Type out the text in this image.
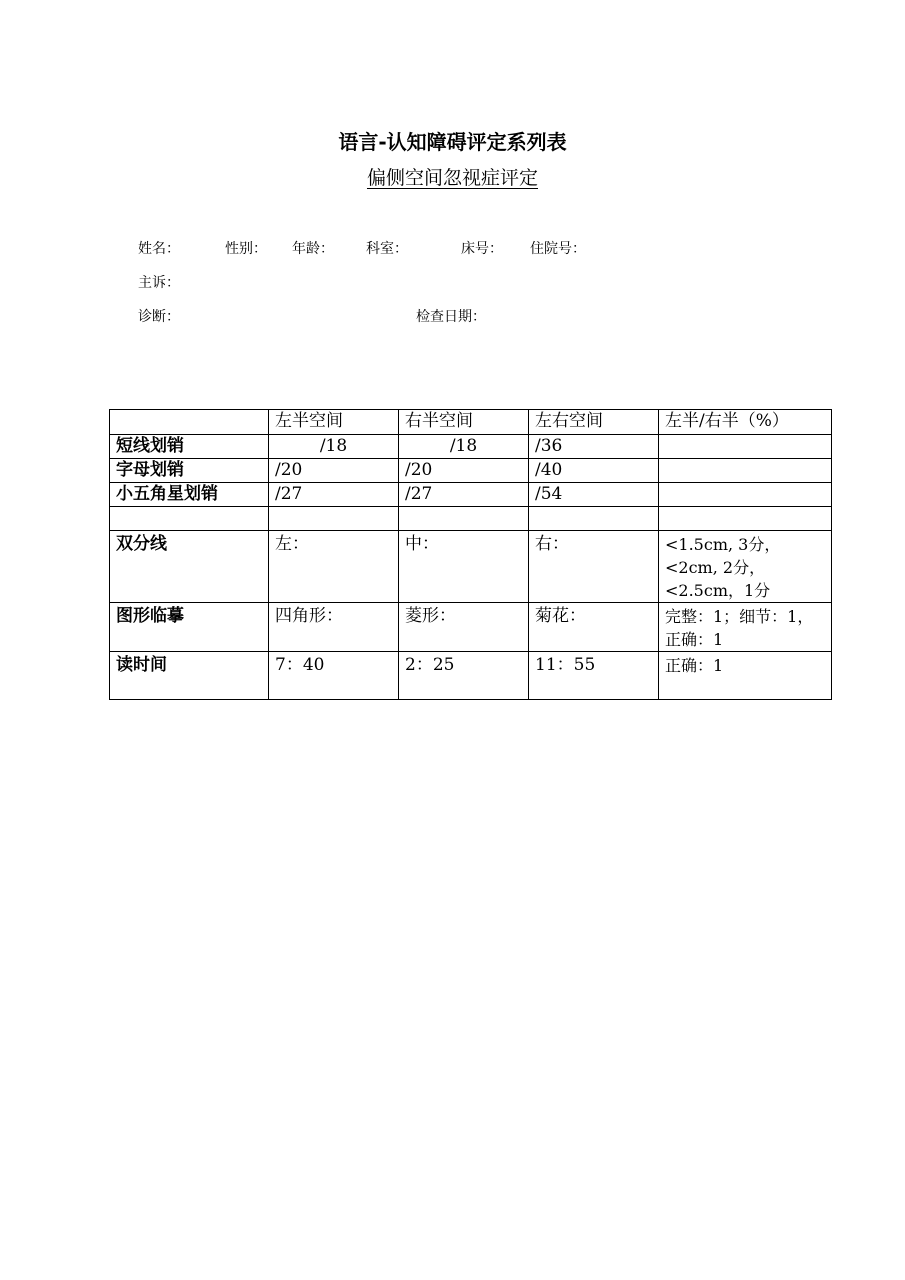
语言-认知障碍评定系列表
偏侧空间忽视症评定
姓名：	性别： 年龄： 科室：	床号： 住院号：
主诉：
诊断：	检查日期：
	左半空间	右半空间	左右空间	左半/右半（%）
短线划销	/18	/18	/36	
字母划销	/20	/20	/40	
小五角星划销	/27	/27	/54	

双分线	左：	中：	右：	<1.5cm, 3分，<2cm, 2分，<2.5cm，1分
图形临摹	四角形：	菱形：	菊花：	完整：1；细节：1，正确：1
读时间	7：40	2：25	11：55	正确：1
